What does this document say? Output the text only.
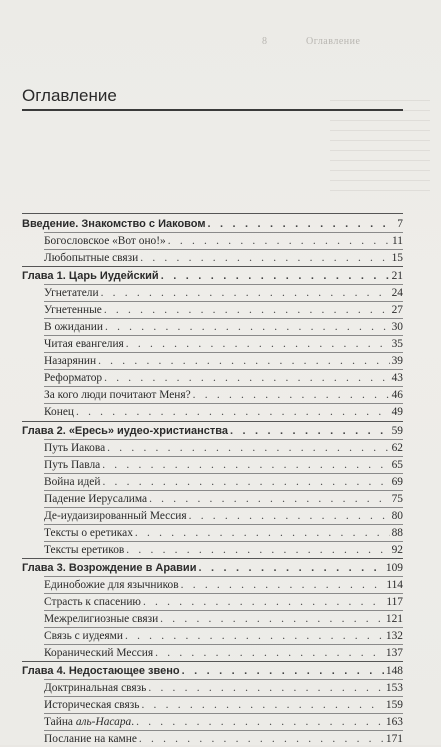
8	Оглавление
Оглавление
Введение. Знакомство с Иаковом . . .	7
Богословское «Вот оно!» . . .	11
Любопытные связи . . .	15
Глава 1. Царь Иудейский . . .	21
Угнетатели . . .	24
Угнетенные . . .	27
В ожидании . . .	30
Читая евангелия . . .	35
Назарянин . . .	39
Реформатор . . .	43
За кого люди почитают Меня? . . .	46
Конец . . .	49
Глава 2. «Ересь» иудео-христианства . . .	59
Путь Иакова . . .	62
Путь Павла . . .	65
Война идей . . .	69
Падение Иерусалима . . .	75
Де-иудаизированный Мессия . . .	80
Тексты о еретиках . . .	88
Тексты еретиков . . .	92
Глава 3. Возрождение в Аравии . . .	109
Единобожие для язычников . . .	114
Страсть к спасению . . .	117
Межрелигиозные связи . . .	121
Связь с иудеями . . .	132
Коранический Мессия . . .	137
Глава 4. Недостающее звено . . .	148
Доктринальная связь . . .	153
Историческая связь . . .	159
Тайна аль-Насара. . . .	163
Послание на камне . . .	171
